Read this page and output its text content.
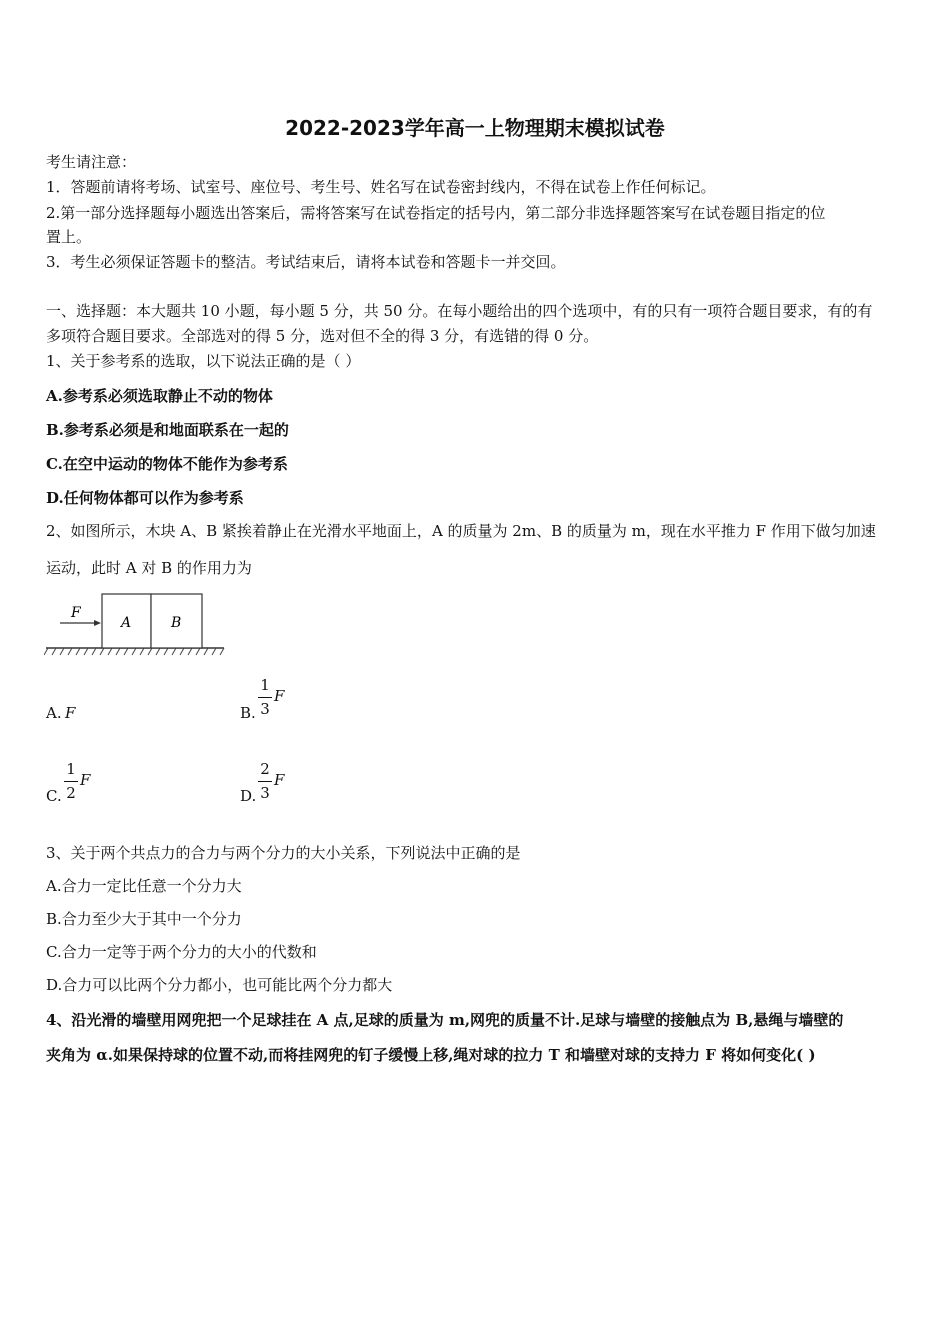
2022-2023学年高一上物理期末模拟试卷
考生请注意：
1．答题前请将考场、试室号、座位号、考生号、姓名写在试卷密封线内，不得在试卷上作任何标记。
2.第一部分选择题每小题选出答案后，需将答案写在试卷指定的括号内，第二部分非选择题答案写在试卷题目指定的位
置上。
3．考生必须保证答题卡的整洁。考试结束后，请将本试卷和答题卡一并交回。
一、选择题：本大题共 10 小题，每小题 5 分，共 50 分。在每小题给出的四个选项中，有的只有一项符合题目要求，有的有
多项符合题目要求。全部选对的得 5 分，选对但不全的得 3 分，有选错的得 0 分。
1、关于参考系的选取，以下说法正确的是（ ）
A.参考系必须选取静止不动的物体
B.参考系必须是和地面联系在一起的
C.在空中运动的物体不能作为参考系
D.任何物体都可以作为参考系
2、如图所示，木块 A、B 紧挨着静止在光滑水平地面上，A 的质量为 2m、B 的质量为 m，现在水平推力 F 作用下做匀加速
运动，此时 A 对 B 的作用力为
F
A	B
A. F	B.
1
3
F
C.
1
2
F
D.
2
3
F
3、关于两个共点力的合力与两个分力的大小关系，下列说法中正确的是
A.合力一定比任意一个分力大
B.合力至少大于其中一个分力
C.合力一定等于两个分力的大小的代数和
D.合力可以比两个分力都小，也可能比两个分力都大
4、沿光滑的墙壁用网兜把一个足球挂在 A 点,足球的质量为 m,网兜的质量不计.足球与墙壁的接触点为 B,悬绳与墙壁的
夹角为 α.如果保持球的位置不动,而将挂网兜的钉子缓慢上移,绳对球的拉力 T 和墙壁对球的支持力 F 将如何变化( )
